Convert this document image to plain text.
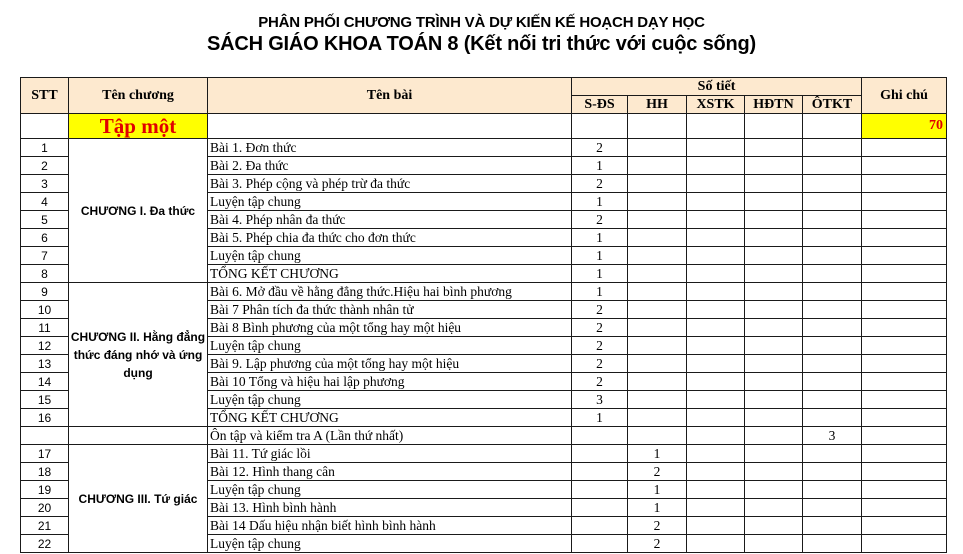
PHÂN PHỐI CHƯƠNG TRÌNH VÀ DỰ KIẾN KẾ HOẠCH DẠY HỌC
SÁCH GIÁO KHOA TOÁN 8 (Kết nối tri thức với cuộc sống)
STT	Tên chương	Tên bài	Số tiết					Ghi chú
			S-ĐS	HH	XSTK	HĐTN	ÔTKT	
	Tập một							70
1	CHƯƠNG I. Đa thức	Bài 1. Đơn thức	2					
2		Bài 2. Đa thức	1					
3		Bài 3. Phép cộng và phép trừ đa thức	2					
4		Luyện tập chung	1					
5		Bài 4. Phép nhân đa thức	2					
6		Bài 5. Phép chia đa thức cho đơn thức	1					
7		Luyện tập chung	1					
8		TỔNG KẾT CHƯƠNG	1					
9	CHƯƠNG II. Hằng đẳng thức đáng nhớ và ứng dụng	Bài 6. Mở đầu về hằng đẳng thức.Hiệu hai bình phương	1					
10		Bài 7 Phân tích đa thức thành nhân tử	2					
11		Bài 8 Bình phương của một tổng hay một hiệu	2					
12		Luyện tập chung	2					
13		Bài 9. Lập phương của một tổng hay một hiệu	2					
14		Bài 10 Tổng và hiệu hai lập phương	2					
15		Luyện tập chung	3					
16		TỔNG KẾT CHƯƠNG	1					
		Ôn tập và kiểm tra A (Lần thứ nhất)					3	
17	CHƯƠNG III. Tứ giác	Bài 11. Tứ giác lồi		1				
18		Bài 12. Hình thang cân		2				
19		Luyện tập chung		1				
20		Bài 13. Hình bình hành		1				
21		Bài 14 Dấu hiệu nhận biết hình bình hành		2				
22		Luyện tập chung		2				
